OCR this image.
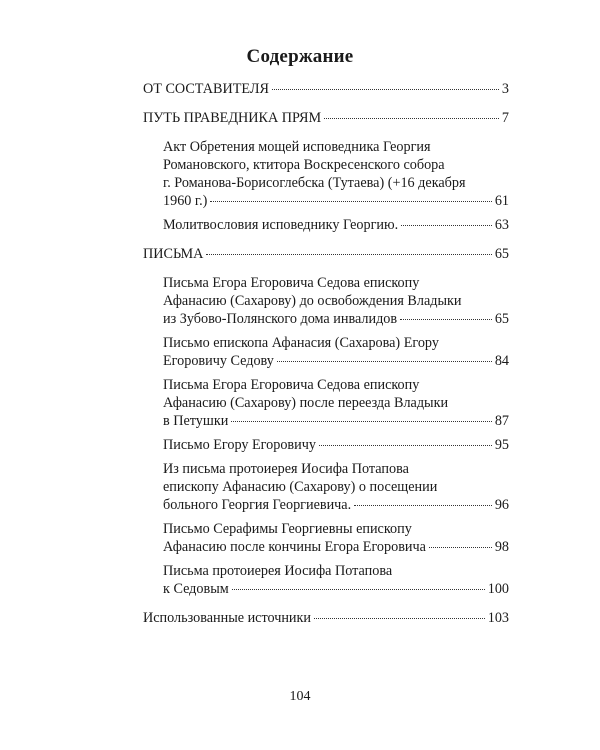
Содержание
ОТ СОСТАВИТЕЛЯ	3
ПУТЬ ПРАВЕДНИКА ПРЯМ	7
Акт Обретения мощей исповедника Георгия
Романовского, ктитора Воскресенского собора
г. Романова-Борисоглебска (Тутаева) (+16 декабря
1960 г.)	61
Молитвословия исповеднику Георгию.	63
ПИСЬМА	65
Письма Егора Егоровича Седова епископу
Афанасию (Сахарову) до освобождения Владыки
из Зубово-Полянского дома инвалидов	65
Письмо епископа Афанасия (Сахарова) Егору
Егоровичу Седову	84
Письма Егора Егоровича Седова епископу
Афанасию (Сахарову) после переезда Владыки
в Петушки	87
Письмо Егору Егоровичу	95
Из письма протоиерея Иосифа Потапова
епископу Афанасию (Сахарову) о посещении
больного Георгия Георгиевича.	96
Письмо Серафимы Георгиевны епископу
Афанасию после кончины Егора Егоровича	98
Письма протоиерея Иосифа Потапова
к Седовым	100
Использованные источники	103
104
